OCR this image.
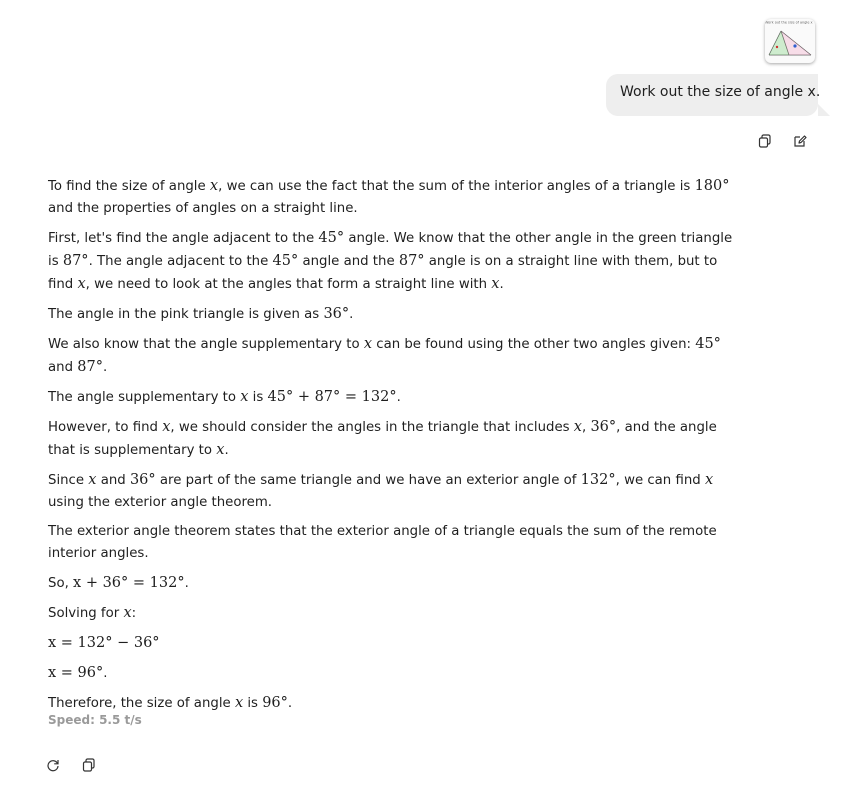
Work out the size of angle x
Work out the size of angle x.

To find the size of angle x, we can use the fact that the sum of the interior angles of a triangle is 180° and the properties of angles on a straight line.

First, let's find the angle adjacent to the 45° angle. We know that the other angle in the green triangle is 87°. The angle adjacent to the 45° angle and the 87° angle is on a straight line with them, but to find x, we need to look at the angles that form a straight line with x.

The angle in the pink triangle is given as 36°.

We also know that the angle supplementary to x can be found using the other two angles given: 45° and 87°.

The angle supplementary to x is 45° + 87° = 132°.

However, to find x, we should consider the angles in the triangle that includes x, 36°, and the angle that is supplementary to x.

Since x and 36° are part of the same triangle and we have an exterior angle of 132°, we can find x using the exterior angle theorem.

The exterior angle theorem states that the exterior angle of a triangle equals the sum of the remote interior angles.

So, x + 36° = 132°.

Solving for x:

x = 132° − 36°

x = 96°.

Therefore, the size of angle x is 96°.

Speed: 5.5 t/s
